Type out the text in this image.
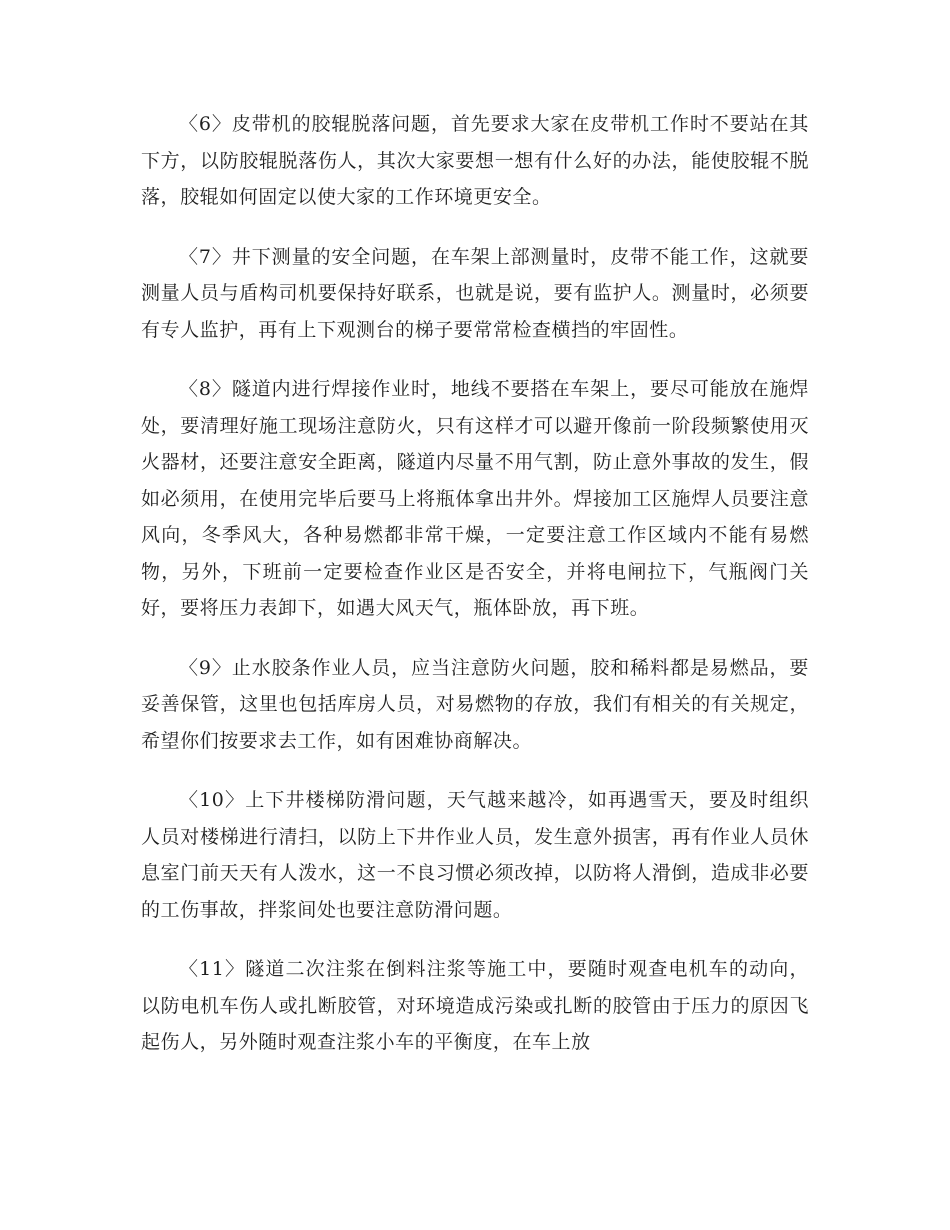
〈6〉皮带机的胶辊脱落问题，首先要求大家在皮带机工作时不要站在其下方，以防胶辊脱落伤人，其次大家要想一想有什么好的办法，能使胶辊不脱落，胶辊如何固定以使大家的工作环境更安全。

〈7〉井下测量的安全问题，在车架上部测量时，皮带不能工作，这就要测量人员与盾构司机要保持好联系，也就是说，要有监护人。测量时，必须要有专人监护，再有上下观测台的梯子要常常检查横挡的牢固性。

〈8〉隧道内进行焊接作业时，地线不要搭在车架上，要尽可能放在施焊处，要清理好施工现场注意防火，只有这样才可以避开像前一阶段频繁使用灭火器材，还要注意安全距离，隧道内尽量不用气割，防止意外事故的发生，假如必须用，在使用完毕后要马上将瓶体拿出井外。焊接加工区施焊人员要注意风向，冬季风大，各种易燃都非常干燥，一定要注意工作区域内不能有易燃物，另外，下班前一定要检查作业区是否安全，并将电闸拉下，气瓶阀门关好，要将压力表卸下，如遇大风天气，瓶体卧放，再下班。

〈9〉止水胶条作业人员，应当注意防火问题，胶和稀料都是易燃品，要妥善保管，这里也包括库房人员，对易燃物的存放，我们有相关的有关规定，希望你们按要求去工作，如有困难协商解决。

〈10〉上下井楼梯防滑问题，天气越来越冷，如再遇雪天，要及时组织人员对楼梯进行清扫，以防上下井作业人员，发生意外损害，再有作业人员休息室门前天天有人泼水，这一不良习惯必须改掉，以防将人滑倒，造成非必要的工伤事故，拌浆间处也要注意防滑问题。

〈11〉隧道二次注浆在倒料注浆等施工中，要随时观查电机车的动向，以防电机车伤人或扎断胶管，对环境造成污染或扎断的胶管由于压力的原因飞起伤人，另外随时观查注浆小车的平衡度，在车上放
